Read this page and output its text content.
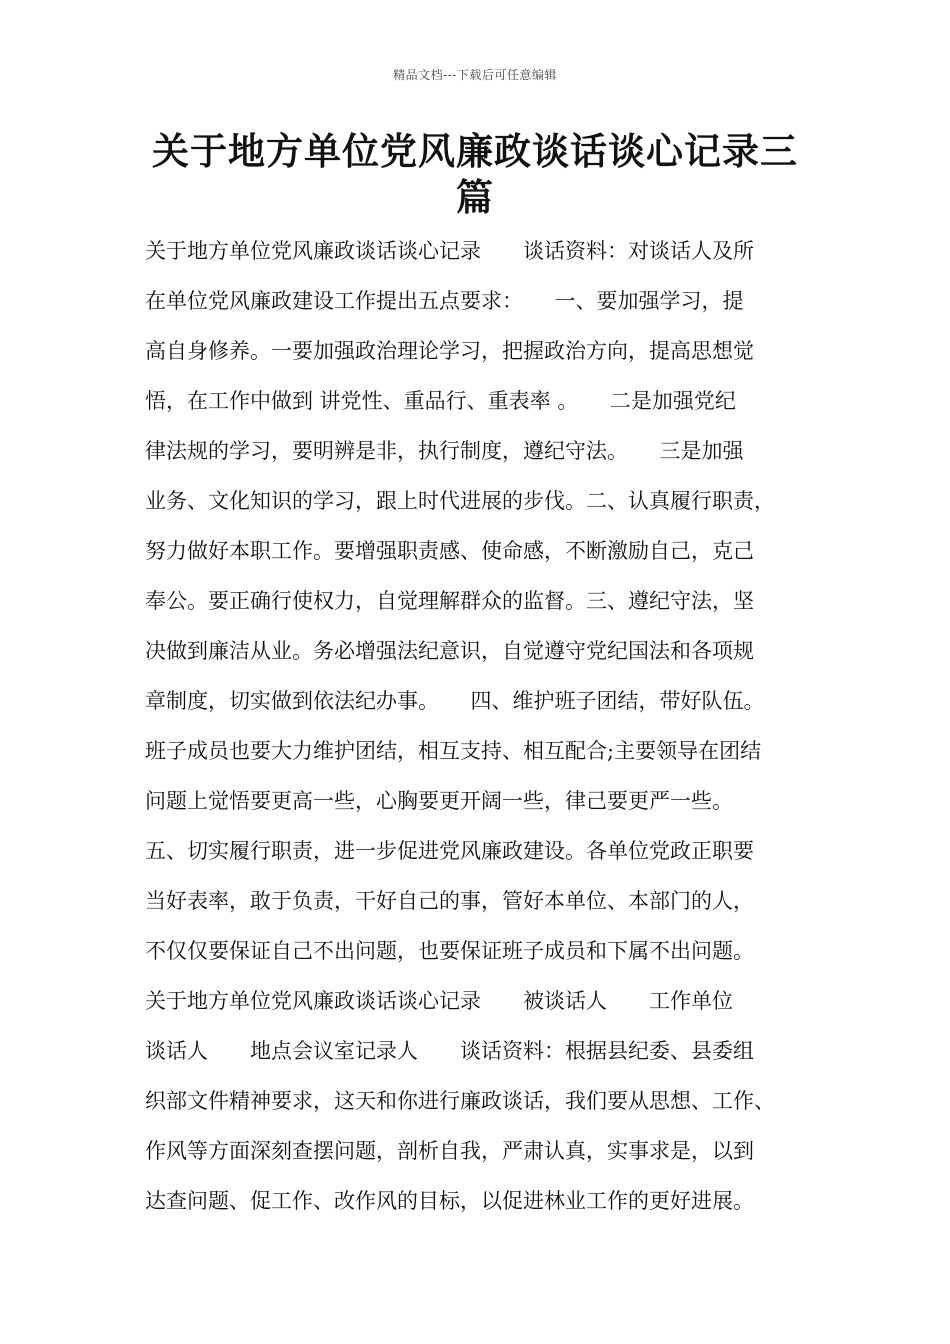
精品文档---下载后可任意编辑
关于地方单位党风廉政谈话谈心记录三
篇
关于地方单位党风廉政谈话谈心记录　　谈话资料：对谈话人及所
在单位党风廉政建设工作提出五点要求：　　一、要加强学习，提
高自身修养。一要加强政治理论学习，把握政治方向，提高思想觉
悟，在工作中做到 讲党性、重品行、重表率 。　　二是加强党纪
律法规的学习，要明辨是非，执行制度，遵纪守法。　　三是加强
业务、文化知识的学习，跟上时代进展的步伐。二、认真履行职责，
努力做好本职工作。要增强职责感、使命感，不断激励自己，克己
奉公。要正确行使权力，自觉理解群众的监督。三、遵纪守法，坚
决做到廉洁从业。务必增强法纪意识，自觉遵守党纪国法和各项规
章制度，切实做到依法纪办事。　　四、维护班子团结，带好队伍。
班子成员也要大力维护团结，相互支持、相互配合;主要领导在团结
问题上觉悟要更高一些，心胸要更开阔一些，律己要更严一些。
五、切实履行职责，进一步促进党风廉政建设。各单位党政正职要
当好表率，敢于负责，干好自己的事，管好本单位、本部门的人，
不仅仅要保证自己不出问题，也要保证班子成员和下属不出问题。
关于地方单位党风廉政谈话谈心记录　　被谈话人　　工作单位
谈话人　　地点会议室记录人　　谈话资料：根据县纪委、县委组
织部文件精神要求，这天和你进行廉政谈话，我们要从思想、工作、
作风等方面深刻查摆问题，剖析自我，严肃认真，实事求是，以到
达查问题、促工作、改作风的目标，以促进林业工作的更好进展。
